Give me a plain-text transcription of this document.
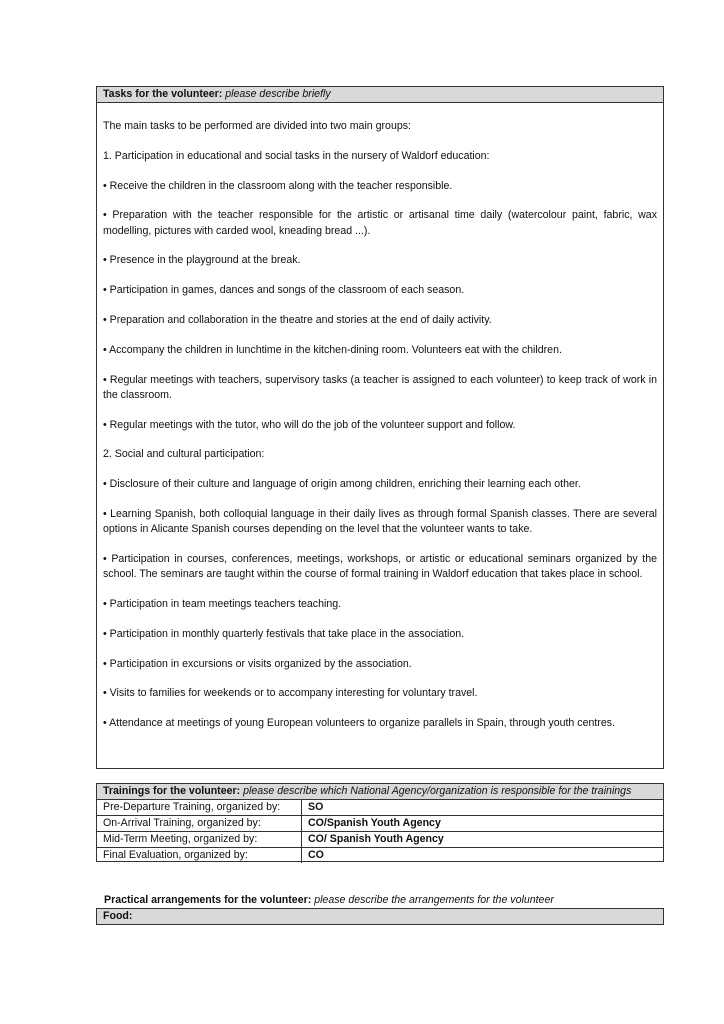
Tasks for the volunteer: please describe briefly

The main tasks to be performed are divided into two main groups:

1. Participation in educational and social tasks in the nursery of Waldorf education:

• Receive the children in the classroom along with the teacher responsible.

• Preparation with the teacher responsible for the artistic or artisanal time daily (watercolour paint, fabric, wax modelling, pictures with carded wool, kneading bread ...).

• Presence in the playground at the break.

• Participation in games, dances and songs of the classroom of each season.

• Preparation and collaboration in the theatre and stories at the end of daily activity.

• Accompany the children in lunchtime in the kitchen-dining room. Volunteers eat with the children.

• Regular meetings with teachers, supervisory tasks (a teacher is assigned to each volunteer) to keep track of work in the classroom.

• Regular meetings with the tutor, who will do the job of the volunteer support and follow.

2. Social and cultural participation:

• Disclosure of their culture and language of origin among children, enriching their learning each other.

• Learning Spanish, both colloquial language in their daily lives as through formal Spanish classes. There are several options in Alicante Spanish courses depending on the level that the volunteer wants to take.

• Participation in courses, conferences, meetings, workshops, or artistic or educational seminars organized by the school. The seminars are taught within the course of formal training in Waldorf education that takes place in school.

• Participation in team meetings teachers teaching.

• Participation in monthly quarterly festivals that take place in the association.

• Participation in excursions or visits organized by the association.

• Visits to families for weekends or to accompany interesting for voluntary travel.

• Attendance at meetings of young European volunteers to organize parallels in Spain, through youth centres.

Trainings for the volunteer: please describe which National Agency/organization is responsible for the trainings
Pre-Departure Training, organized by:	SO
On-Arrival Training, organized by:	CO/Spanish Youth Agency
Mid-Term Meeting, organized by:	CO/ Spanish Youth Agency
Final Evaluation, organized by:	CO
Practical arrangements for the volunteer: please describe the arrangements for the volunteer
Food:
